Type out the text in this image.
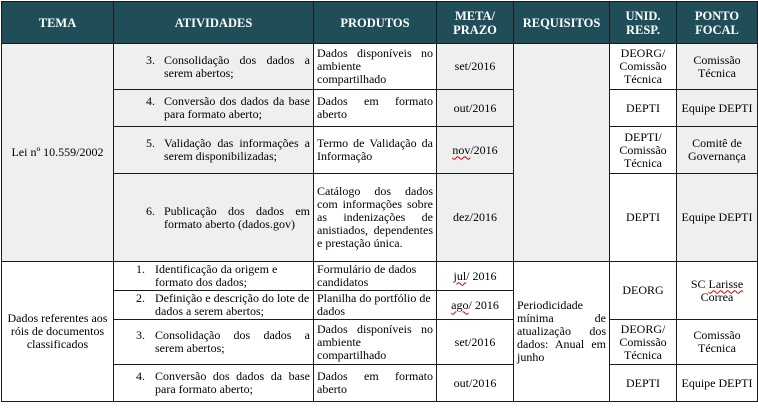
TEMA	ATIVIDADES	PRODUTOS	META/ PRAZO	REQUISITOS	UNID. RESP.	PONTO FOCAL
Lei nº 10.559/2002	3. Consolidação dos dados a serem abertos;	Dados disponíveis no ambiente compartilhado	set/2016		DEORG/ Comissão Técnica	Comissão Técnica

	4. Conversão dos dados da base para formato aberto;	Dados em formato aberto	out/2016		DEPTI	Equipe DEPTI

	5. Validação das informações a serem disponibilizadas;	Termo de Validação da Informação	nov/2016		DEPTI/ Comissão Técnica	Comitê de Governança

	6. Publicação dos dados em formato aberto (dados.gov)	Catálogo dos dados com informações sobre as indenizações de anistiados, dependentes e prestação única.	dez/2016		DEPTI	Equipe DEPTI
Dados referentes aos róis de documentos classificados	1. Identificação da origem e formato dos dados;	Formulário de dados candidatos	jul/ 2016	Periodicidade mínima de atualização dos dados: Anual em junho	DEORG	SC Larisse Correa

	2. Definição e descrição do lote de dados a serem abertos;	Planilha do portfólio de dados	ago/ 2016			

	3. Consolidação dos dados a serem abertos;	Dados disponíveis no ambiente compartilhado	set/2016		DEORG/ Comissão Técnica	Comissão Técnica

	4. Conversão dos dados da base para formato aberto;	Dados em formato aberto	out/2016		DEPTI	Equipe DEPTI
